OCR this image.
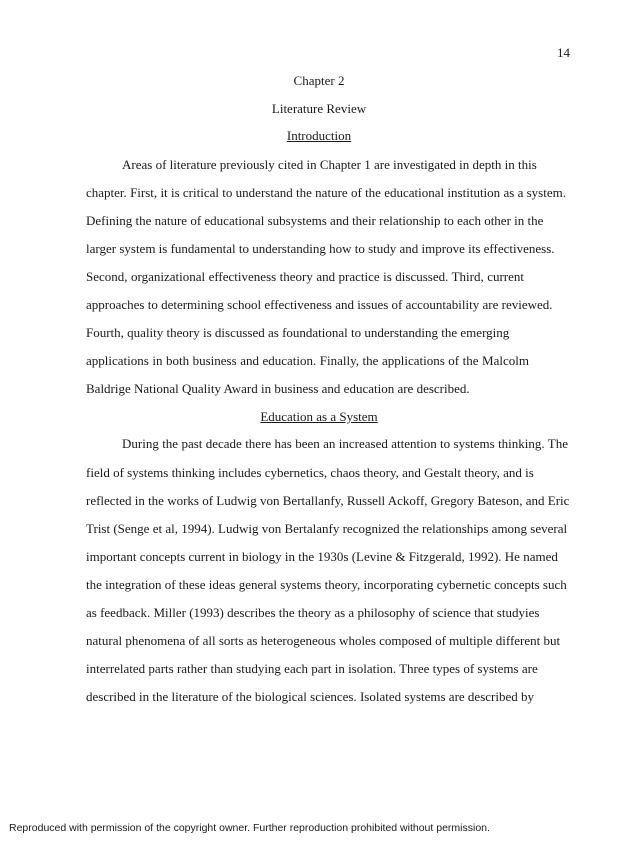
14
Chapter 2
Literature Review
Introduction
Areas of literature previously cited in Chapter 1 are investigated in depth in this
chapter. First, it is critical to understand the nature of the educational institution as a system.
Defining the nature of educational subsystems and their relationship to each other in the
larger system is fundamental to understanding how to study and improve its effectiveness.
Second, organizational effectiveness theory and practice is discussed. Third, current
approaches to determining school effectiveness and issues of accountability are reviewed.
Fourth, quality theory is discussed as foundational to understanding the emerging
applications in both business and education. Finally, the applications of the Malcolm
Baldrige National Quality Award in business and education are described.
Education as a System
During the past decade there has been an increased attention to systems thinking. The
field of systems thinking includes cybernetics, chaos theory, and Gestalt theory, and is
reflected in the works of Ludwig von Bertallanfy, Russell Ackoff, Gregory Bateson, and Eric
Trist (Senge et al, 1994). Ludwig von Bertalanfy recognized the relationships among several
important concepts current in biology in the 1930s (Levine & Fitzgerald, 1992). He named
the integration of these ideas general systems theory, incorporating cybernetic concepts such
as feedback. Miller (1993) describes the theory as a philosophy of science that studyies
natural phenomena of all sorts as heterogeneous wholes composed of multiple different but
interrelated parts rather than studying each part in isolation. Three types of systems are
described in the literature of the biological sciences. Isolated systems are described by
Reproduced with permission of the copyright owner. Further reproduction prohibited without permission.
